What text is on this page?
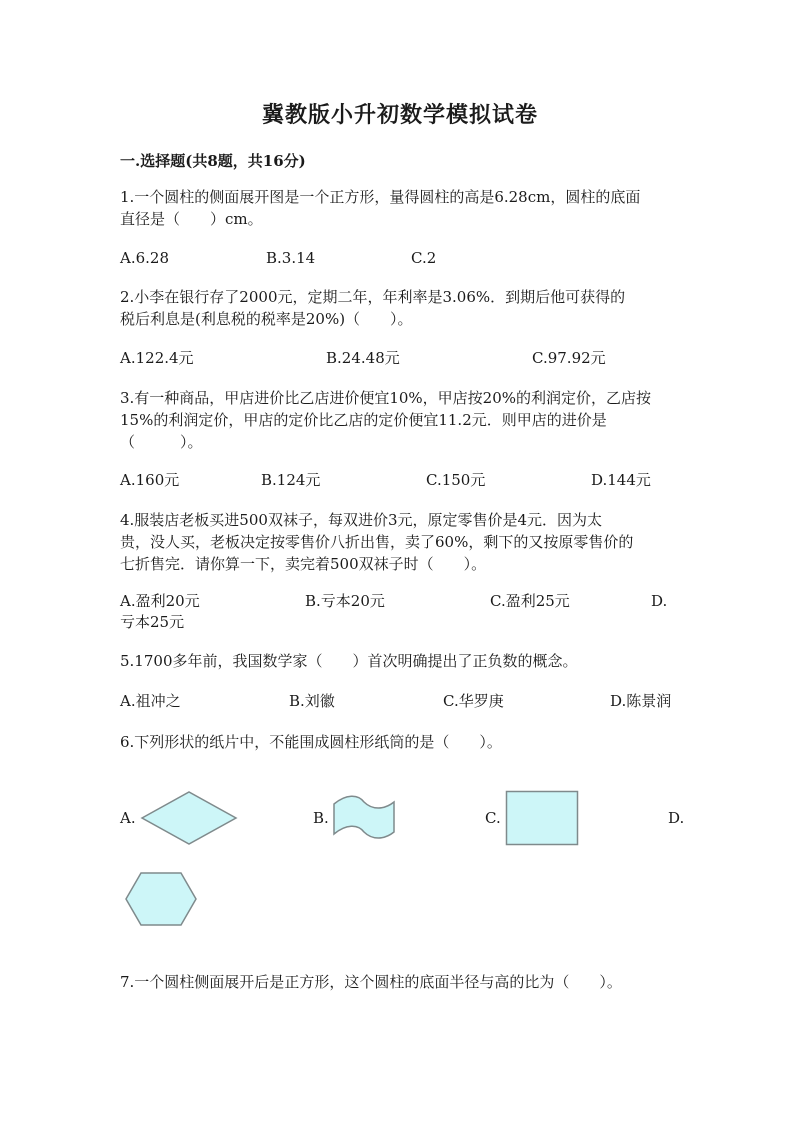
冀教版小升初数学模拟试卷
一.选择题(共8题，共16分)
1.一个圆柱的侧面展开图是一个正方形，量得圆柱的高是6.28cm，圆柱的底面
直径是（　　）cm。
A.6.28	B.3.14	C.2
2.小李在银行存了2000元，定期二年，年利率是3.06%．到期后他可获得的
税后利息是(利息税的税率是20%)（　　）。
A.122.4元	B.24.48元	C.97.92元
3.有一种商品，甲店进价比乙店进价便宜10%，甲店按20%的利润定价，乙店按
15%的利润定价，甲店的定价比乙店的定价便宜11.2元．则甲店的进价是
（　　　）。
A.160元	B.124元	C.150元	D.144元
4.服装店老板买进500双袜子，每双进价3元，原定零售价是4元．因为太
贵，没人买，老板决定按零售价八折出售，卖了60%，剩下的又按原零售价的
七折售完．请你算一下，卖完着500双袜子时（　　）。
A.盈利20元	B.亏本20元	C.盈利25元	D.
亏本25元
5.1700多年前，我国数学家（　　）首次明确提出了正负数的概念。
A.祖冲之	B.刘徽	C.华罗庚	D.陈景润
6.下列形状的纸片中，不能围成圆柱形纸筒的是（　　）。
A.	B.	C.	D.
7.一个圆柱侧面展开后是正方形，这个圆柱的底面半径与高的比为（　　）。
